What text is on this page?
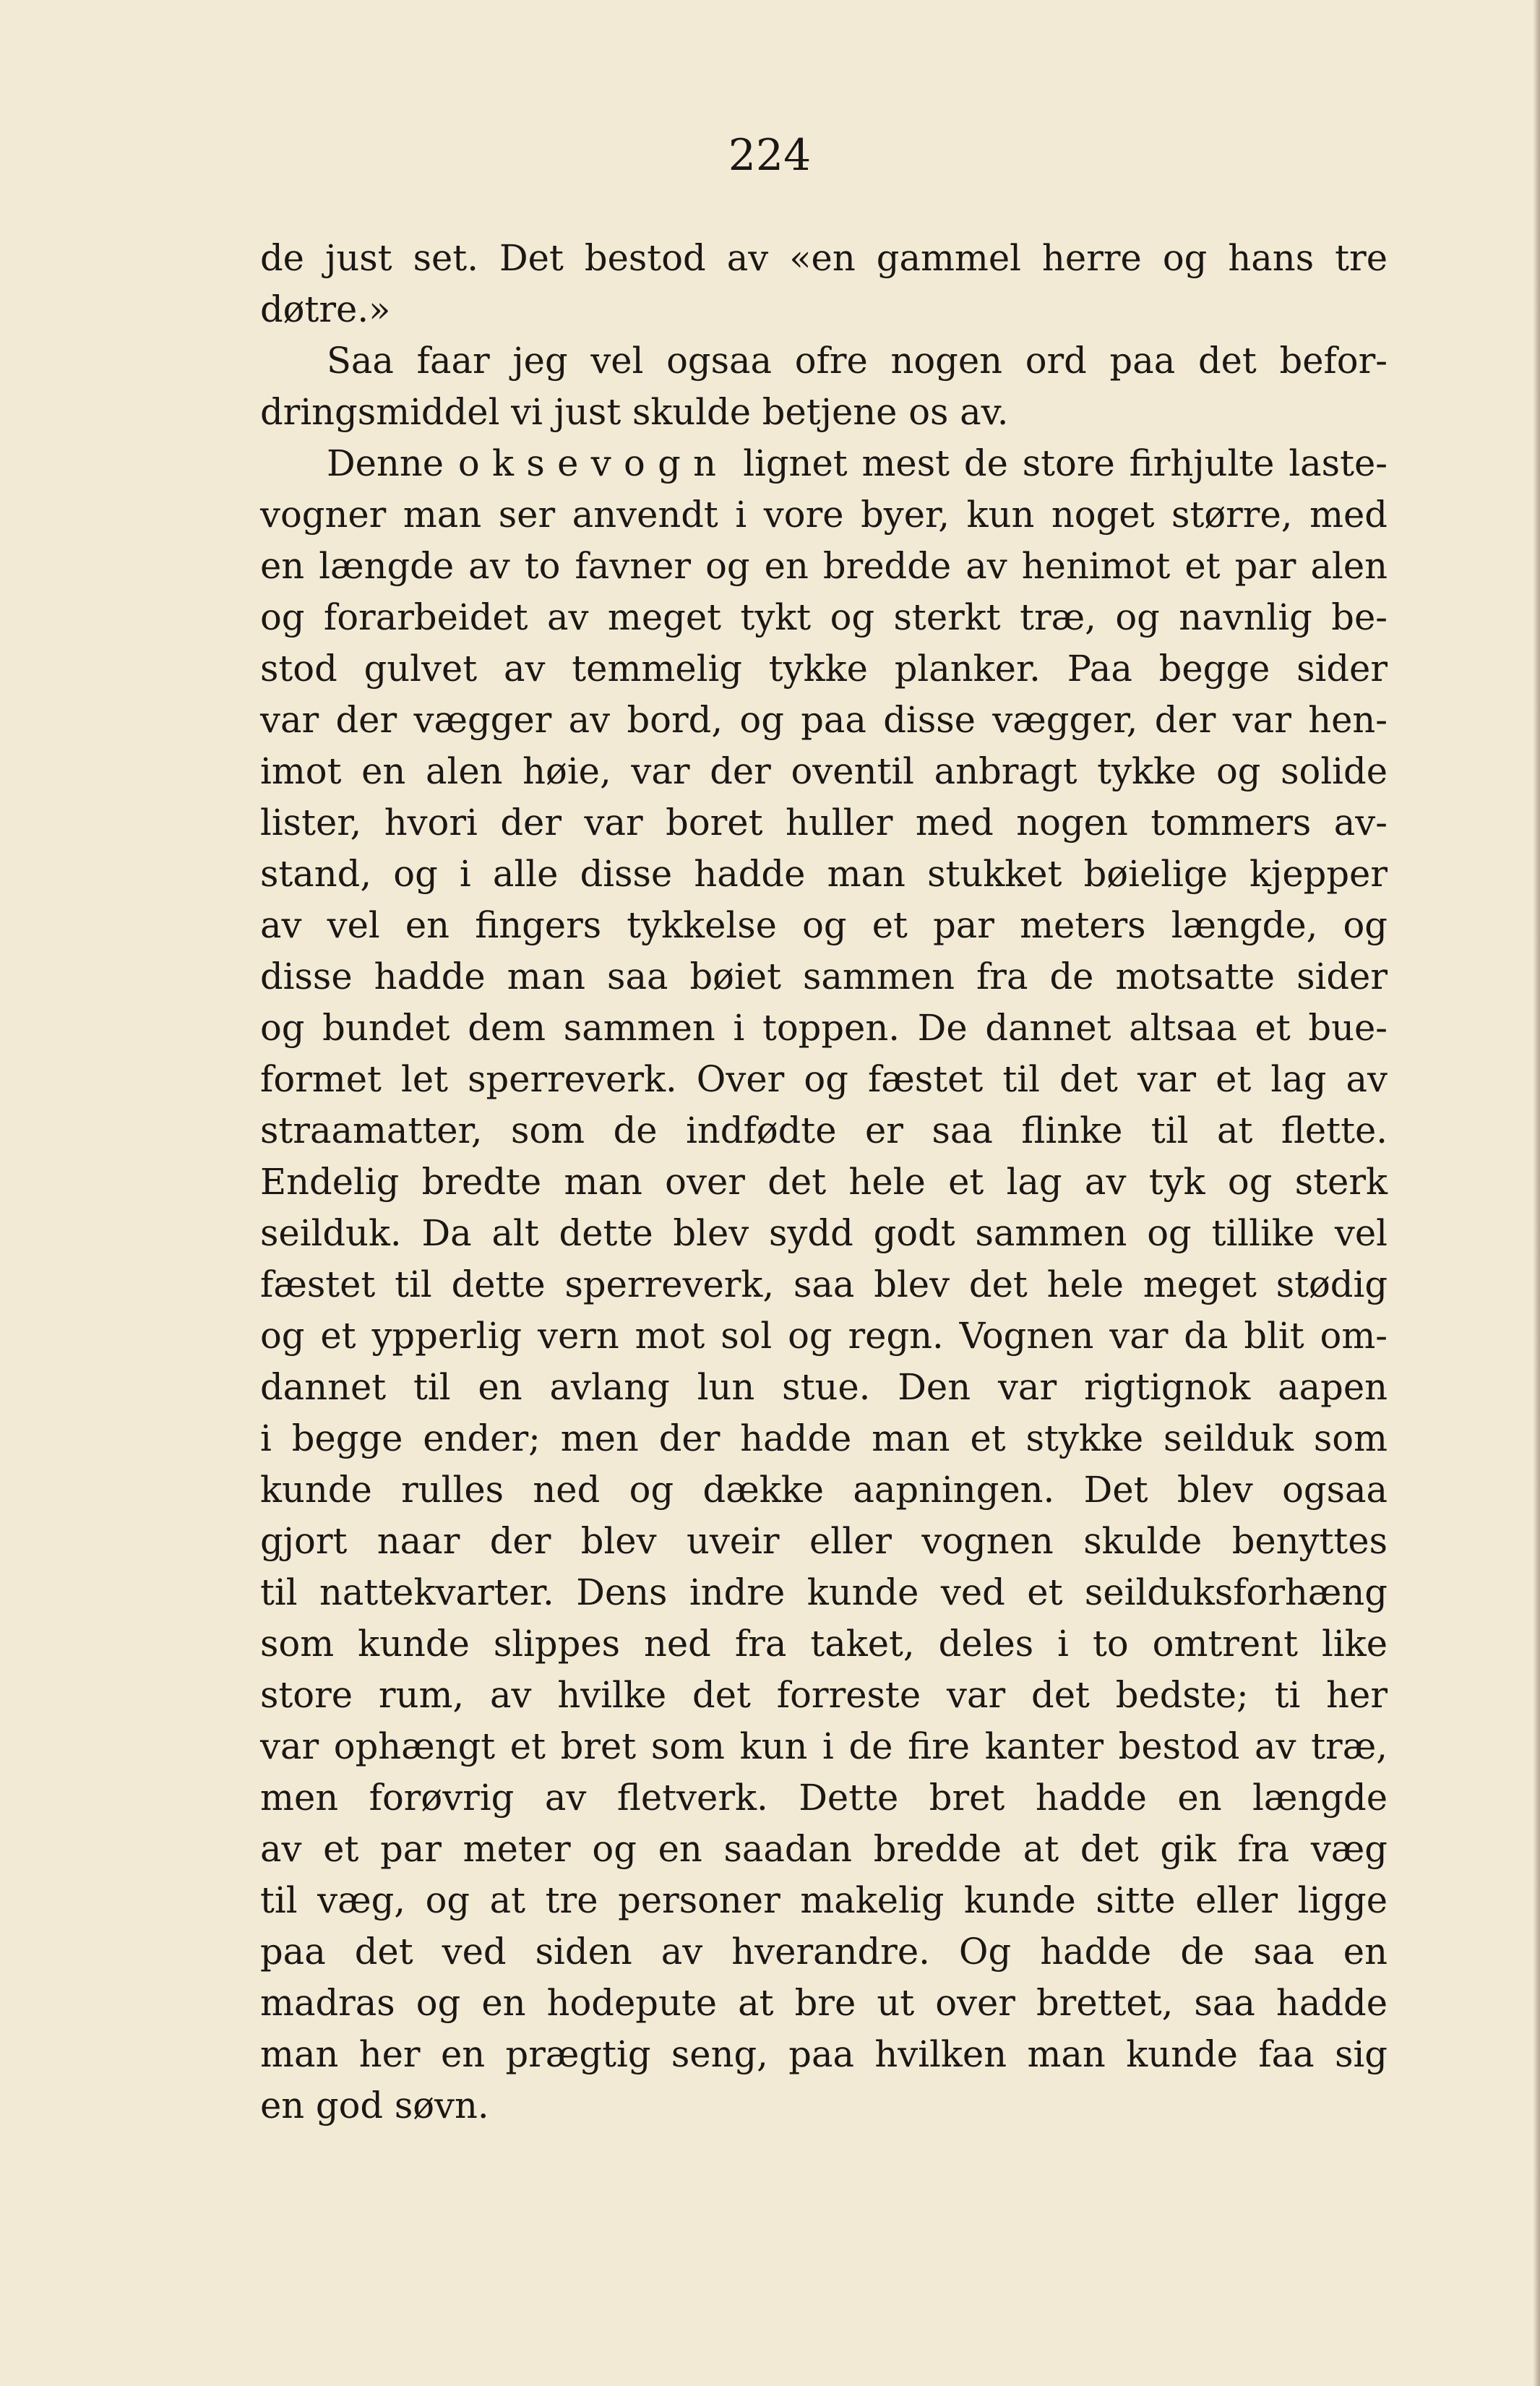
224
de just set. Det bestod av «en gammel herre og hans tre
døtre.»
Saa faar jeg vel ogsaa ofre nogen ord paa det befor-
dringsmiddel vi just skulde betjene os av.
Denne oksevogn lignet mest de store firhjulte laste-
vogner man ser anvendt i vore byer, kun noget større, med
en længde av to favner og en bredde av henimot et par alen
og forarbeidet av meget tykt og sterkt træ, og navnlig be-
stod gulvet av temmelig tykke planker. Paa begge sider
var der vægger av bord, og paa disse vægger, der var hen-
imot en alen høie, var der oventil anbragt tykke og solide
lister, hvori der var boret huller med nogen tommers av-
stand, og i alle disse hadde man stukket bøielige kjepper
av vel en fingers tykkelse og et par meters længde, og
disse hadde man saa bøiet sammen fra de motsatte sider
og bundet dem sammen i toppen. De dannet altsaa et bue-
formet let sperreverk. Over og fæstet til det var et lag av
straamatter, som de indfødte er saa flinke til at flette.
Endelig bredte man over det hele et lag av tyk og sterk
seilduk. Da alt dette blev sydd godt sammen og tillike vel
fæstet til dette sperreverk, saa blev det hele meget stødig
og et ypperlig vern mot sol og regn. Vognen var da blit om-
dannet til en avlang lun stue. Den var rigtignok aapen
i begge ender; men der hadde man et stykke seilduk som
kunde rulles ned og dække aapningen. Det blev ogsaa
gjort naar der blev uveir eller vognen skulde benyttes
til nattekvarter. Dens indre kunde ved et seilduksforhæng
som kunde slippes ned fra taket, deles i to omtrent like
store rum, av hvilke det forreste var det bedste; ti her
var ophængt et bret som kun i de fire kanter bestod av træ,
men forøvrig av fletverk. Dette bret hadde en længde
av et par meter og en saadan bredde at det gik fra væg
til væg, og at tre personer makelig kunde sitte eller ligge
paa det ved siden av hverandre. Og hadde de saa en
madras og en hodepute at bre ut over brettet, saa hadde
man her en prægtig seng, paa hvilken man kunde faa sig
en god søvn.
